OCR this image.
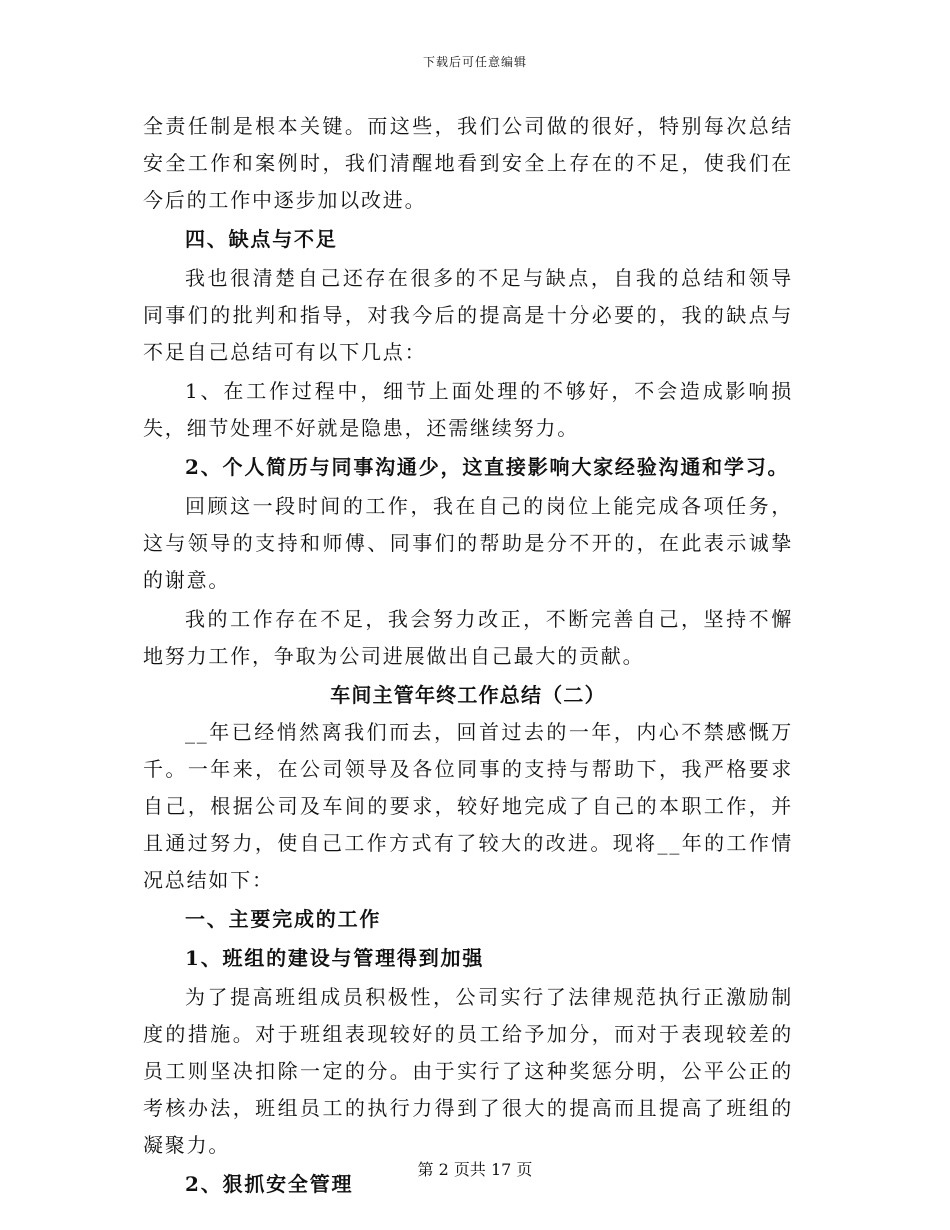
下载后可任意编辑

全责任制是根本关键。而这些，我们公司做的很好，特别每次总结安全工作和案例时，我们清醒地看到安全上存在的不足，使我们在今后的工作中逐步加以改进。

四、缺点与不足

我也很清楚自己还存在很多的不足与缺点，自我的总结和领导同事们的批判和指导，对我今后的提高是十分必要的，我的缺点与不足自己总结可有以下几点：

1、在工作过程中，细节上面处理的不够好，不会造成影响损失，细节处理不好就是隐患，还需继续努力。

2、个人简历与同事沟通少，这直接影响大家经验沟通和学习。

回顾这一段时间的工作，我在自己的岗位上能完成各项任务，这与领导的支持和师傅、同事们的帮助是分不开的，在此表示诚挚的谢意。

我的工作存在不足，我会努力改正，不断完善自己，坚持不懈地努力工作，争取为公司进展做出自己最大的贡献。

车间主管年终工作总结（二）

__年已经悄然离我们而去，回首过去的一年，内心不禁感慨万千。一年来，在公司领导及各位同事的支持与帮助下，我严格要求自己，根据公司及车间的要求，较好地完成了自己的本职工作，并且通过努力，使自己工作方式有了较大的改进。现将__年的工作情况总结如下：

一、主要完成的工作

1、班组的建设与管理得到加强

为了提高班组成员积极性，公司实行了法律规范执行正激励制度的措施。对于班组表现较好的员工给予加分，而对于表现较差的员工则坚决扣除一定的分。由于实行了这种奖惩分明，公平公正的考核办法，班组员工的执行力得到了很大的提高而且提高了班组的凝聚力。

2、狠抓安全管理

第 2 页共 17 页
